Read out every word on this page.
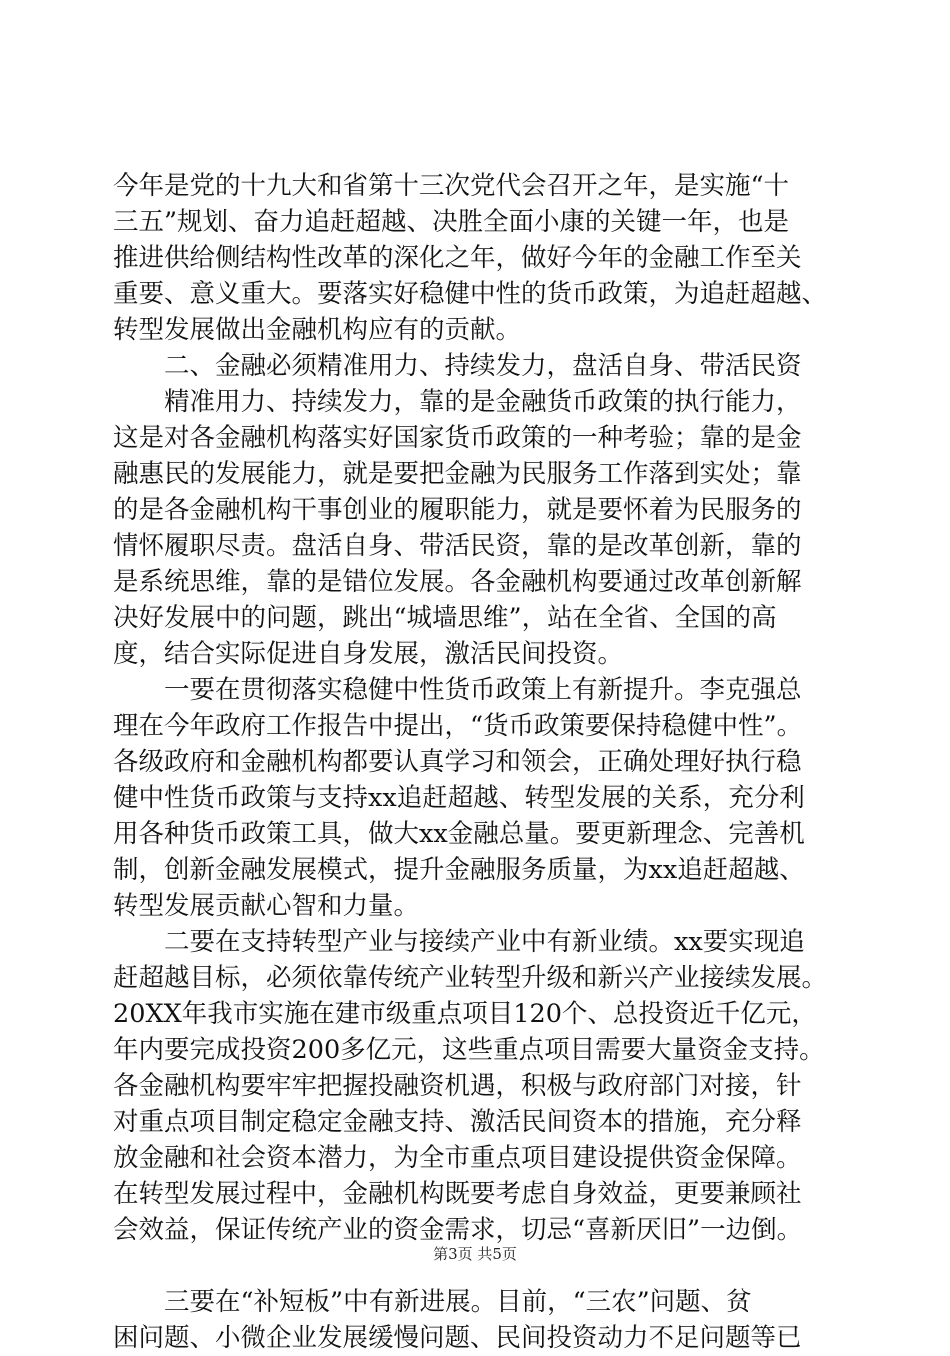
今年是党的十九大和省第十三次党代会召开之年，是实施“十
三五”规划、奋力追赶超越、决胜全面小康的关键一年，也是
推进供给侧结构性改革的深化之年，做好今年的金融工作至关
重要、意义重大。要落实好稳健中性的货币政策，为追赶超越、
转型发展做出金融机构应有的贡献。
二、金融必须精准用力、持续发力，盘活自身、带活民资
精准用力、持续发力，靠的是金融货币政策的执行能力，
这是对各金融机构落实好国家货币政策的一种考验；靠的是金
融惠民的发展能力，就是要把金融为民服务工作落到实处；靠
的是各金融机构干事创业的履职能力，就是要怀着为民服务的
情怀履职尽责。盘活自身、带活民资，靠的是改革创新，靠的
是系统思维，靠的是错位发展。各金融机构要通过改革创新解
决好发展中的问题，跳出“城墙思维”，站在全省、全国的高
度，结合实际促进自身发展，激活民间投资。
一要在贯彻落实稳健中性货币政策上有新提升。李克强总
理在今年政府工作报告中提出，“货币政策要保持稳健中性”。
各级政府和金融机构都要认真学习和领会，正确处理好执行稳
健中性货币政策与支持xx追赶超越、转型发展的关系，充分利
用各种货币政策工具，做大xx金融总量。要更新理念、完善机
制，创新金融发展模式，提升金融服务质量，为xx追赶超越、
转型发展贡献心智和力量。
二要在支持转型产业与接续产业中有新业绩。xx要实现追
赶超越目标，必须依靠传统产业转型升级和新兴产业接续发展。
20XX年我市实施在建市级重点项目120个、总投资近千亿元，
年内要完成投资200多亿元，这些重点项目需要大量资金支持。
各金融机构要牢牢把握投融资机遇，积极与政府部门对接，针
对重点项目制定稳定金融支持、激活民间资本的措施，充分释
放金融和社会资本潜力，为全市重点项目建设提供资金保障。
在转型发展过程中，金融机构既要考虑自身效益，更要兼顾社
会效益，保证传统产业的资金需求，切忌“喜新厌旧”一边倒。
三要在“补短板”中有新进展。目前，“三农”问题、贫
困问题、小微企业发展缓慢问题、民间投资动力不足问题等已
第3页 共5页
